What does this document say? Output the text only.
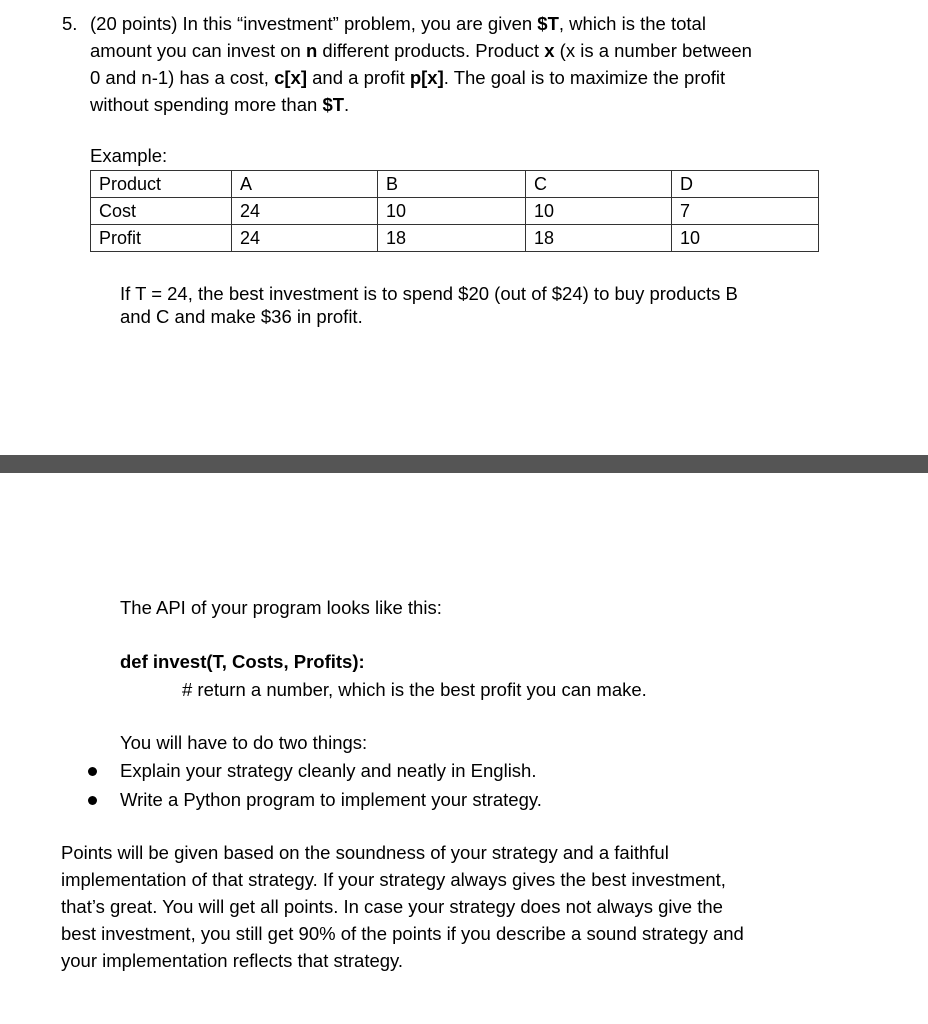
5. (20 points) In this “investment” problem, you are given $T, which is the total
amount you can invest on n different products. Product x (x is a number between
0 and n-1) has a cost, c[x] and a profit p[x]. The goal is to maximize the profit
without spending more than $T.
Example:
Product	A	B	C	D
Cost	24	10	10	7
Profit	24	18	18	10
If T = 24, the best investment is to spend $20 (out of $24) to buy products B
and C and make $36 in profit.
The API of your program looks like this:
def invest(T, Costs, Profits):
# return a number, which is the best profit you can make.
You will have to do two things:
Explain your strategy cleanly and neatly in English.
Write a Python program to implement your strategy.
Points will be given based on the soundness of your strategy and a faithful
implementation of that strategy. If your strategy always gives the best investment,
that’s great. You will get all points. In case your strategy does not always give the
best investment, you still get 90% of the points if you describe a sound strategy and
your implementation reflects that strategy.
